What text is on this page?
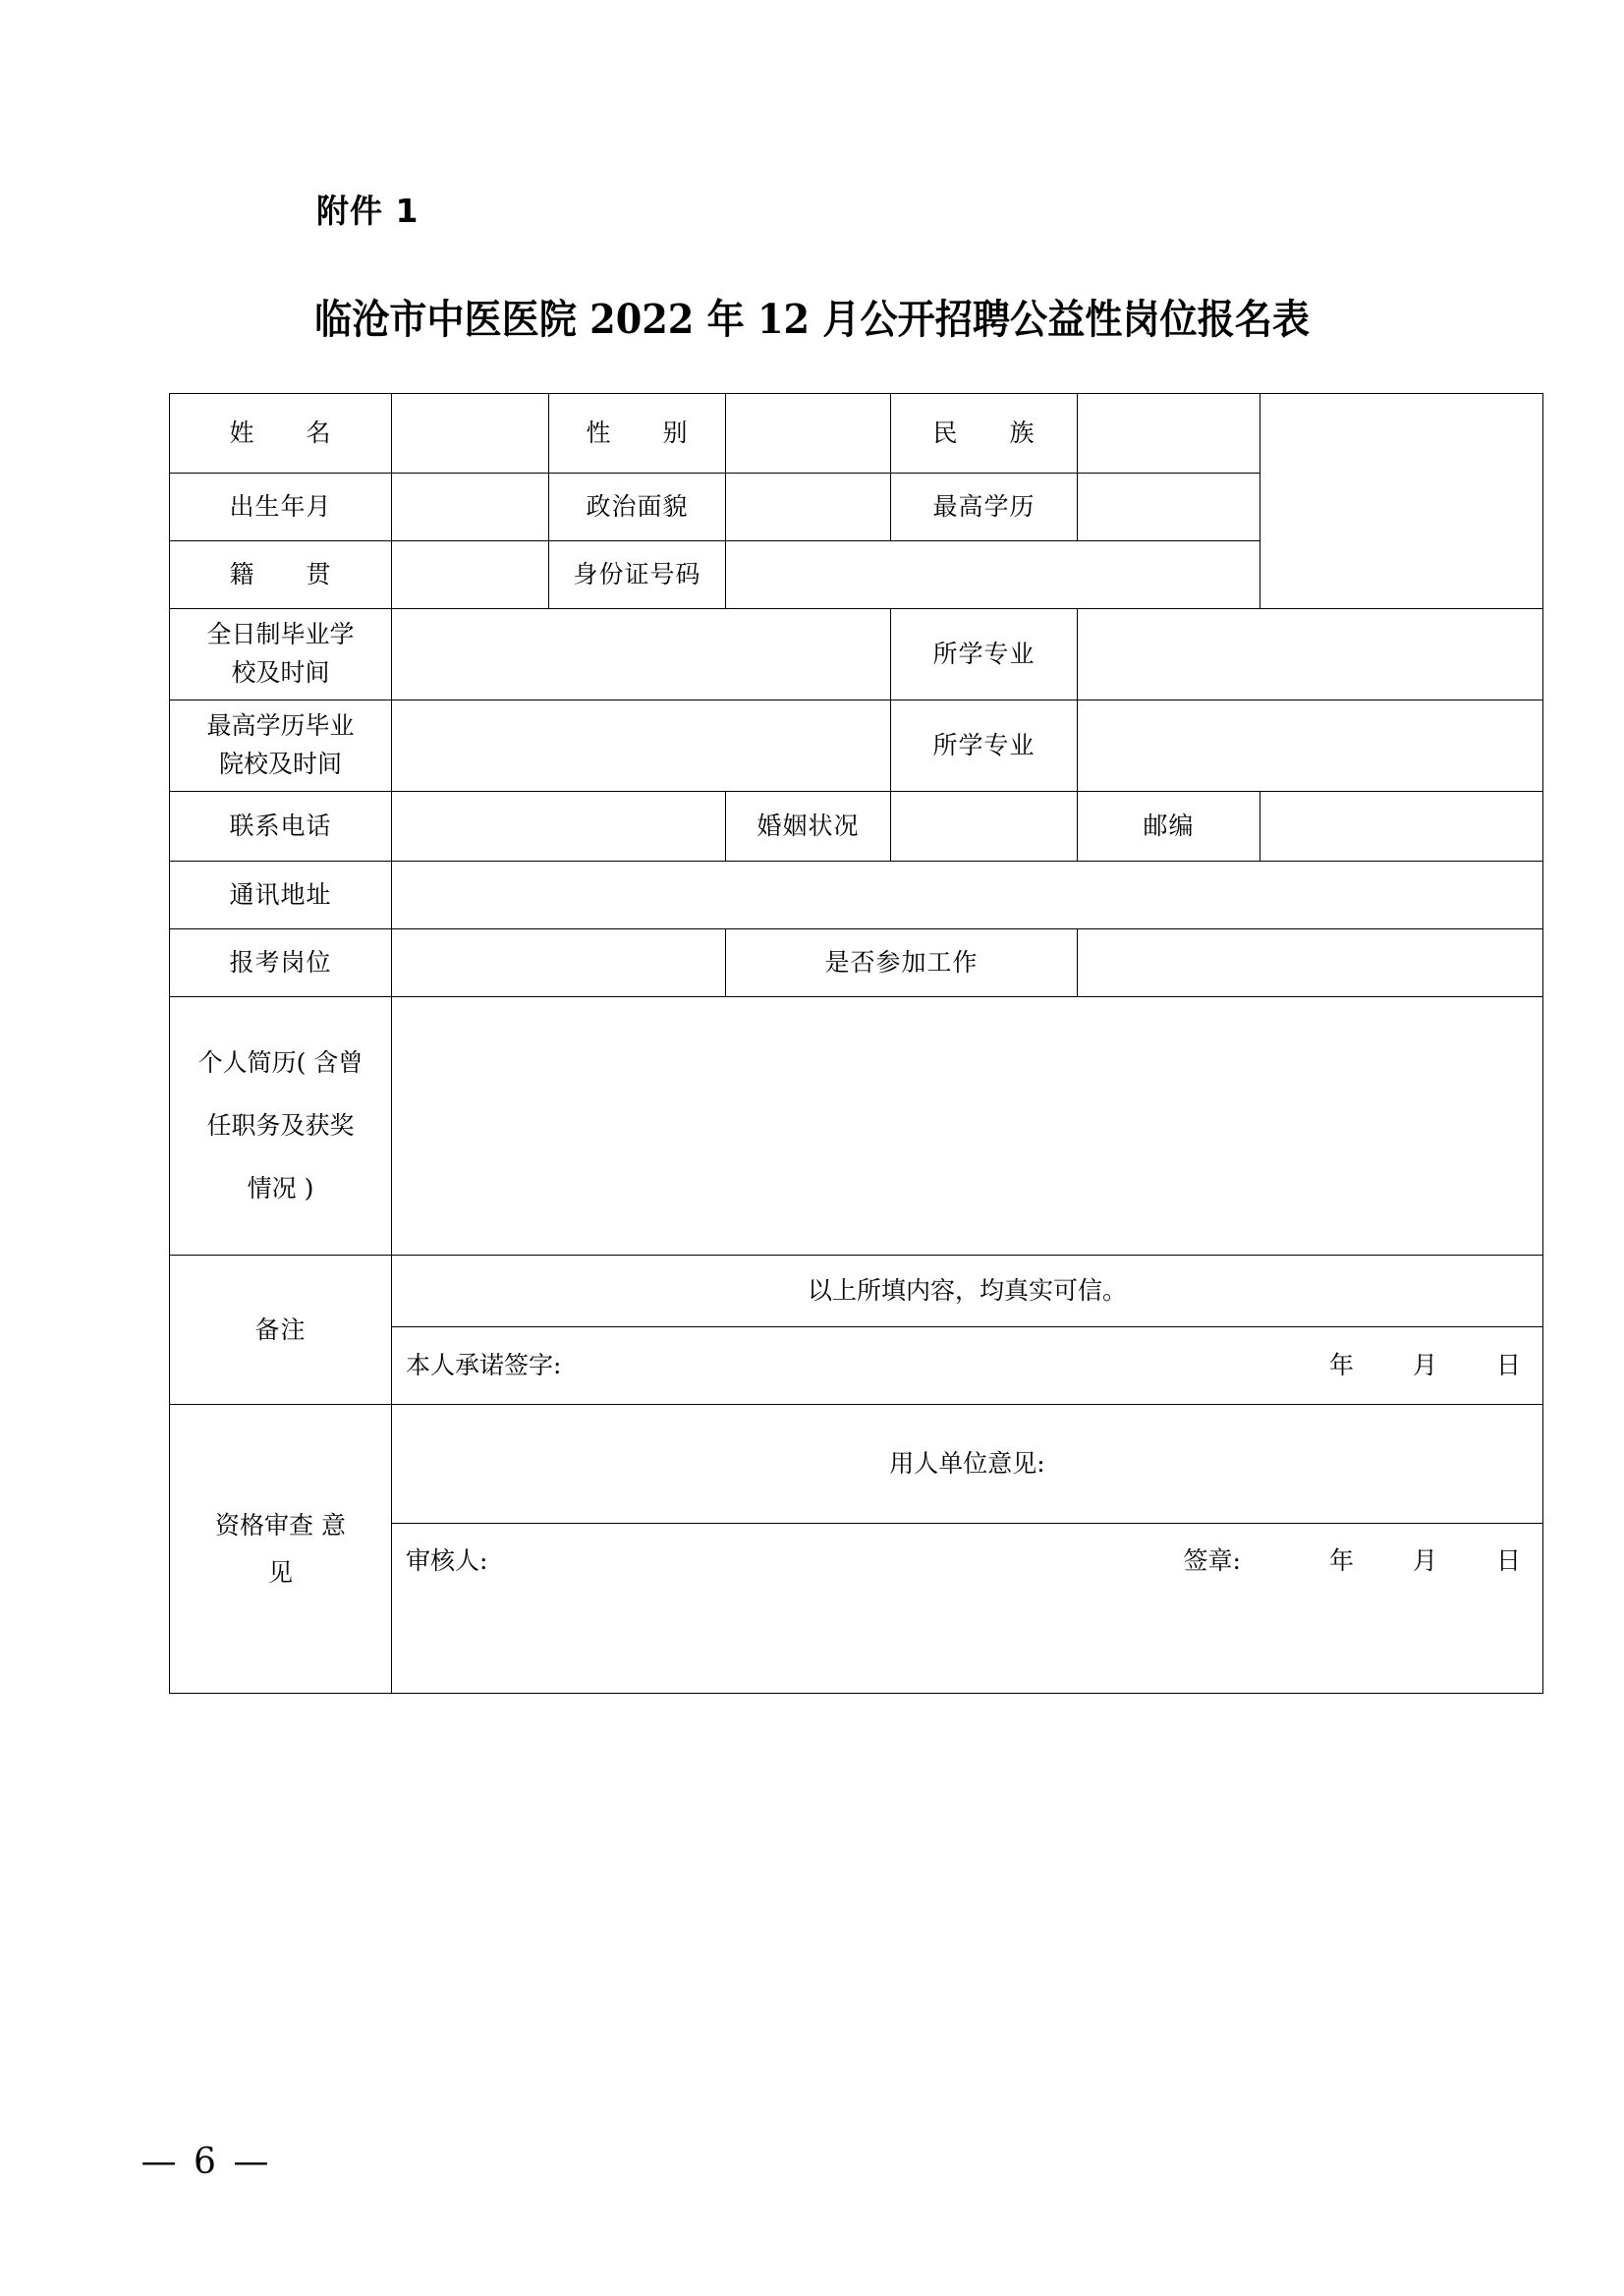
附件 1
临沧市中医医院 2022 年 12 月公开招聘公益性岗位报名表
姓　　名		性　　别		民　　族		

出生年月		政治面貌		最高学历		

籍　　贯		身份证号码				

全日制毕业学
校及时间				所学专业		

最高学历毕业
院校及时间				所学专业		

联系电话			婚姻状况		邮编	

通讯地址						

报考岗位			是否参加工作			

个人简历( 含曾
任职务及获奖
情况 )						

备注	以上所填内容，均真实可信。					

	本人承诺签字: 年 月 日					

资格审查 意
见	用人单位意见:					

	审核人: 签章: 年 月 日					

— 6 —
